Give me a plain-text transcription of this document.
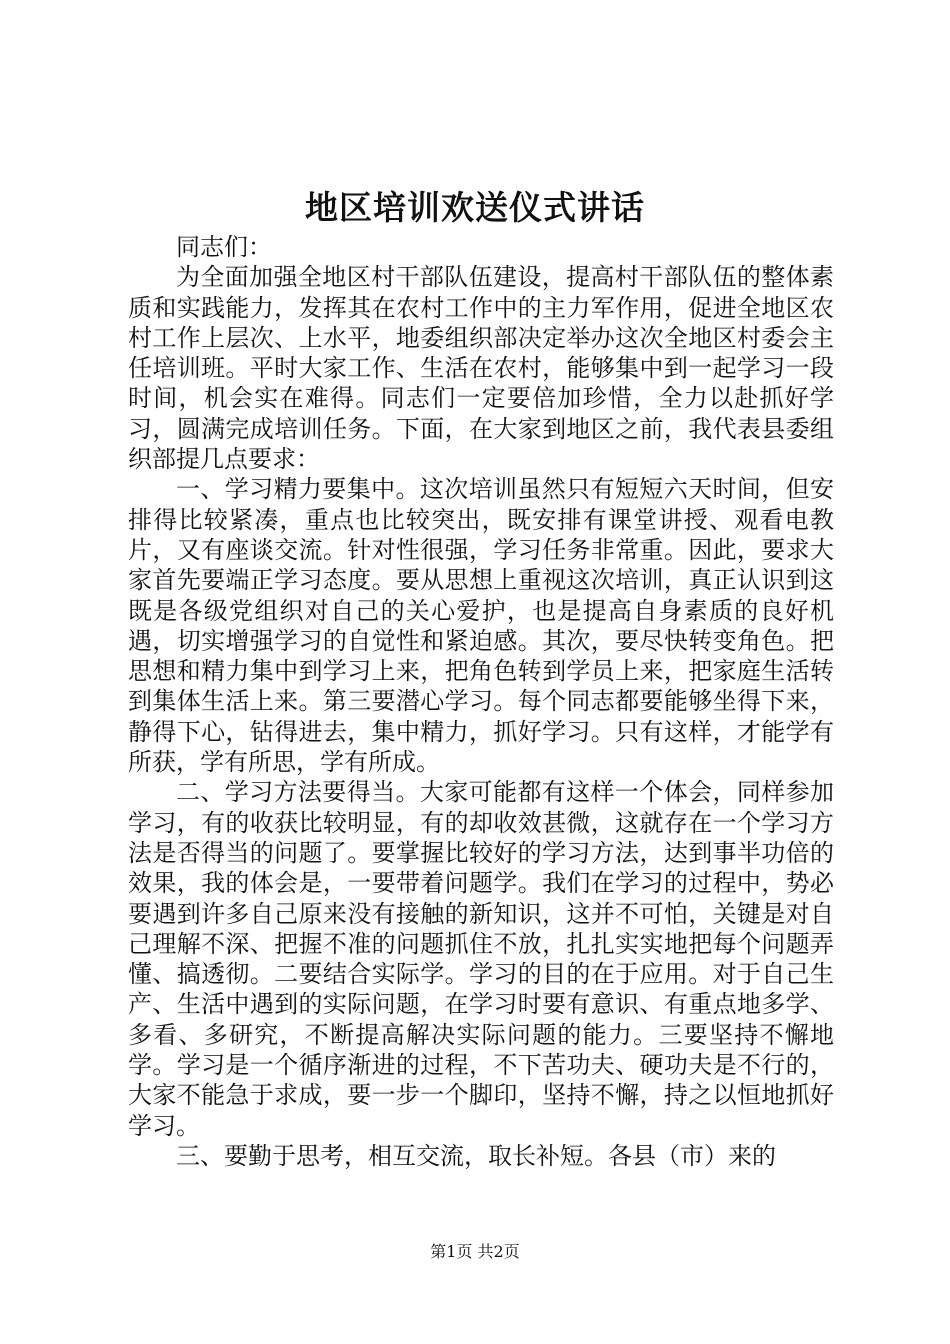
地区培训欢送仪式讲话

同志们：

为全面加强全地区村干部队伍建设，提高村干部队伍的整体素质和实践能力，发挥其在农村工作中的主力军作用，促进全地区农村工作上层次、上水平，地委组织部决定举办这次全地区村委会主任培训班。平时大家工作、生活在农村，能够集中到一起学习一段时间，机会实在难得。同志们一定要倍加珍惜，全力以赴抓好学习，圆满完成培训任务。下面，在大家到地区之前，我代表县委组织部提几点要求：

一、学习精力要集中。这次培训虽然只有短短六天时间，但安排得比较紧凑，重点也比较突出，既安排有课堂讲授、观看电教片，又有座谈交流。针对性很强，学习任务非常重。因此，要求大家首先要端正学习态度。要从思想上重视这次培训，真正认识到这既是各级党组织对自己的关心爱护，也是提高自身素质的良好机遇，切实增强学习的自觉性和紧迫感。其次，要尽快转变角色。把思想和精力集中到学习上来，把角色转到学员上来，把家庭生活转到集体生活上来。第三要潜心学习。每个同志都要能够坐得下来，静得下心，钻得进去，集中精力，抓好学习。只有这样，才能学有所获，学有所思，学有所成。

二、学习方法要得当。大家可能都有这样一个体会，同样参加学习，有的收获比较明显，有的却收效甚微，这就存在一个学习方法是否得当的问题了。要掌握比较好的学习方法，达到事半功倍的效果，我的体会是，一要带着问题学。我们在学习的过程中，势必要遇到许多自己原来没有接触的新知识，这并不可怕，关键是对自己理解不深、把握不准的问题抓住不放，扎扎实实地把每个问题弄懂、搞透彻。二要结合实际学。学习的目的在于应用。对于自己生产、生活中遇到的实际问题，在学习时要有意识、有重点地多学、多看、多研究，不断提高解决实际问题的能力。三要坚持不懈地学。学习是一个循序渐进的过程，不下苦功夫、硬功夫是不行的，大家不能急于求成，要一步一个脚印，坚持不懈，持之以恒地抓好学习。

三、要勤于思考，相互交流，取长补短。各县（市）来的

第1页 共2页
